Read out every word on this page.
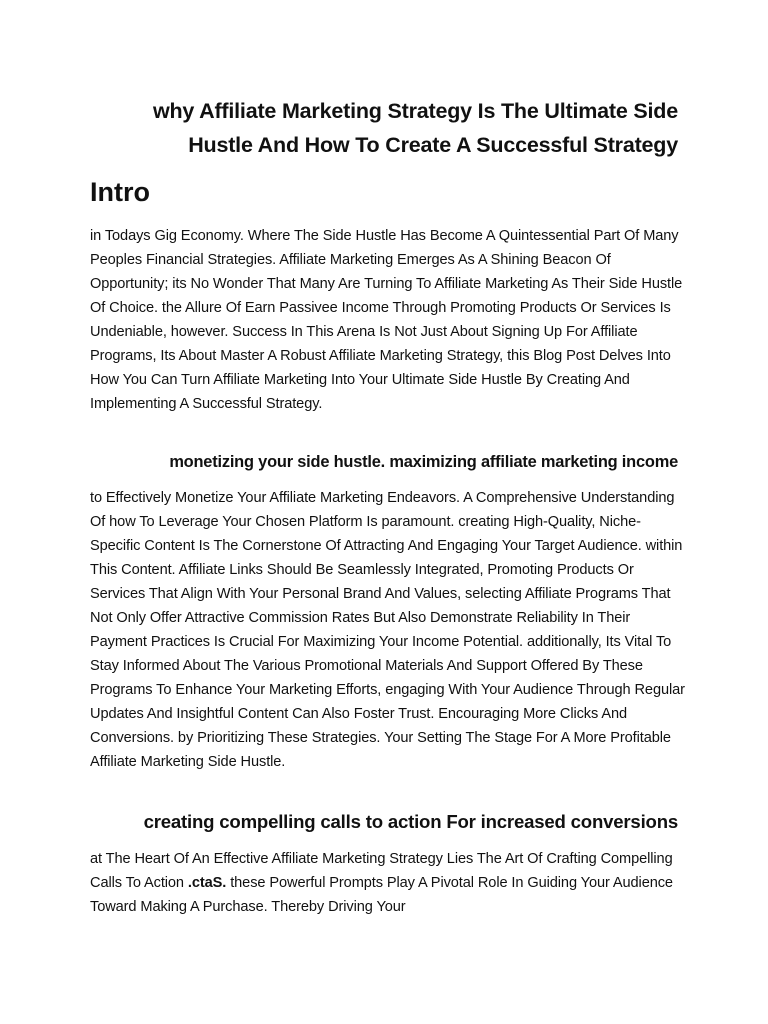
why Affiliate Marketing Strategy Is The Ultimate Side
Hustle And How To Create A Successful Strategy
Intro

in Todays Gig Economy. Where The Side Hustle Has Become A Quintessential Part Of Many Peoples Financial Strategies. Affiliate Marketing Emerges As A Shining Beacon Of Opportunity; its No Wonder That Many Are Turning To Affiliate Marketing As Their Side Hustle Of Choice. the Allure Of Earn Passivee Income Through Promoting Products Or Services Is Undeniable, however. Success In This Arena Is Not Just About Signing Up For Affiliate Programs, Its About Master A Robust Affiliate Marketing Strategy, this Blog Post Delves Into How You Can Turn Affiliate Marketing Into Your Ultimate Side Hustle By Creating And Implementing A Successful Strategy.

monetizing your side hustle. maximizing affiliate marketing income

to Effectively Monetize Your Affiliate Marketing Endeavors. A Comprehensive Understanding Of how To Leverage Your Chosen Platform Is paramount. creating High-Quality, Niche-Specific Content Is The Cornerstone Of Attracting And Engaging Your Target Audience. within This Content. Affiliate Links Should Be Seamlessly Integrated, Promoting Products Or Services That Align With Your Personal Brand And Values, selecting Affiliate Programs That Not Only Offer Attractive Commission Rates But Also Demonstrate Reliability In Their Payment Practices Is Crucial For Maximizing Your Income Potential. additionally, Its Vital To Stay Informed About The Various Promotional Materials And Support Offered By These Programs To Enhance Your Marketing Efforts, engaging With Your Audience Through Regular Updates And Insightful Content Can Also Foster Trust. Encouraging More Clicks And Conversions. by Prioritizing These Strategies. Your Setting The Stage For A More Profitable Affiliate Marketing Side Hustle.

creating compelling calls to action For increased conversions

at The Heart Of An Effective Affiliate Marketing Strategy Lies The Art Of Crafting Compelling Calls To Action .ctaS. these Powerful Prompts Play A Pivotal Role In Guiding Your Audience Toward Making A Purchase. Thereby Driving Your
